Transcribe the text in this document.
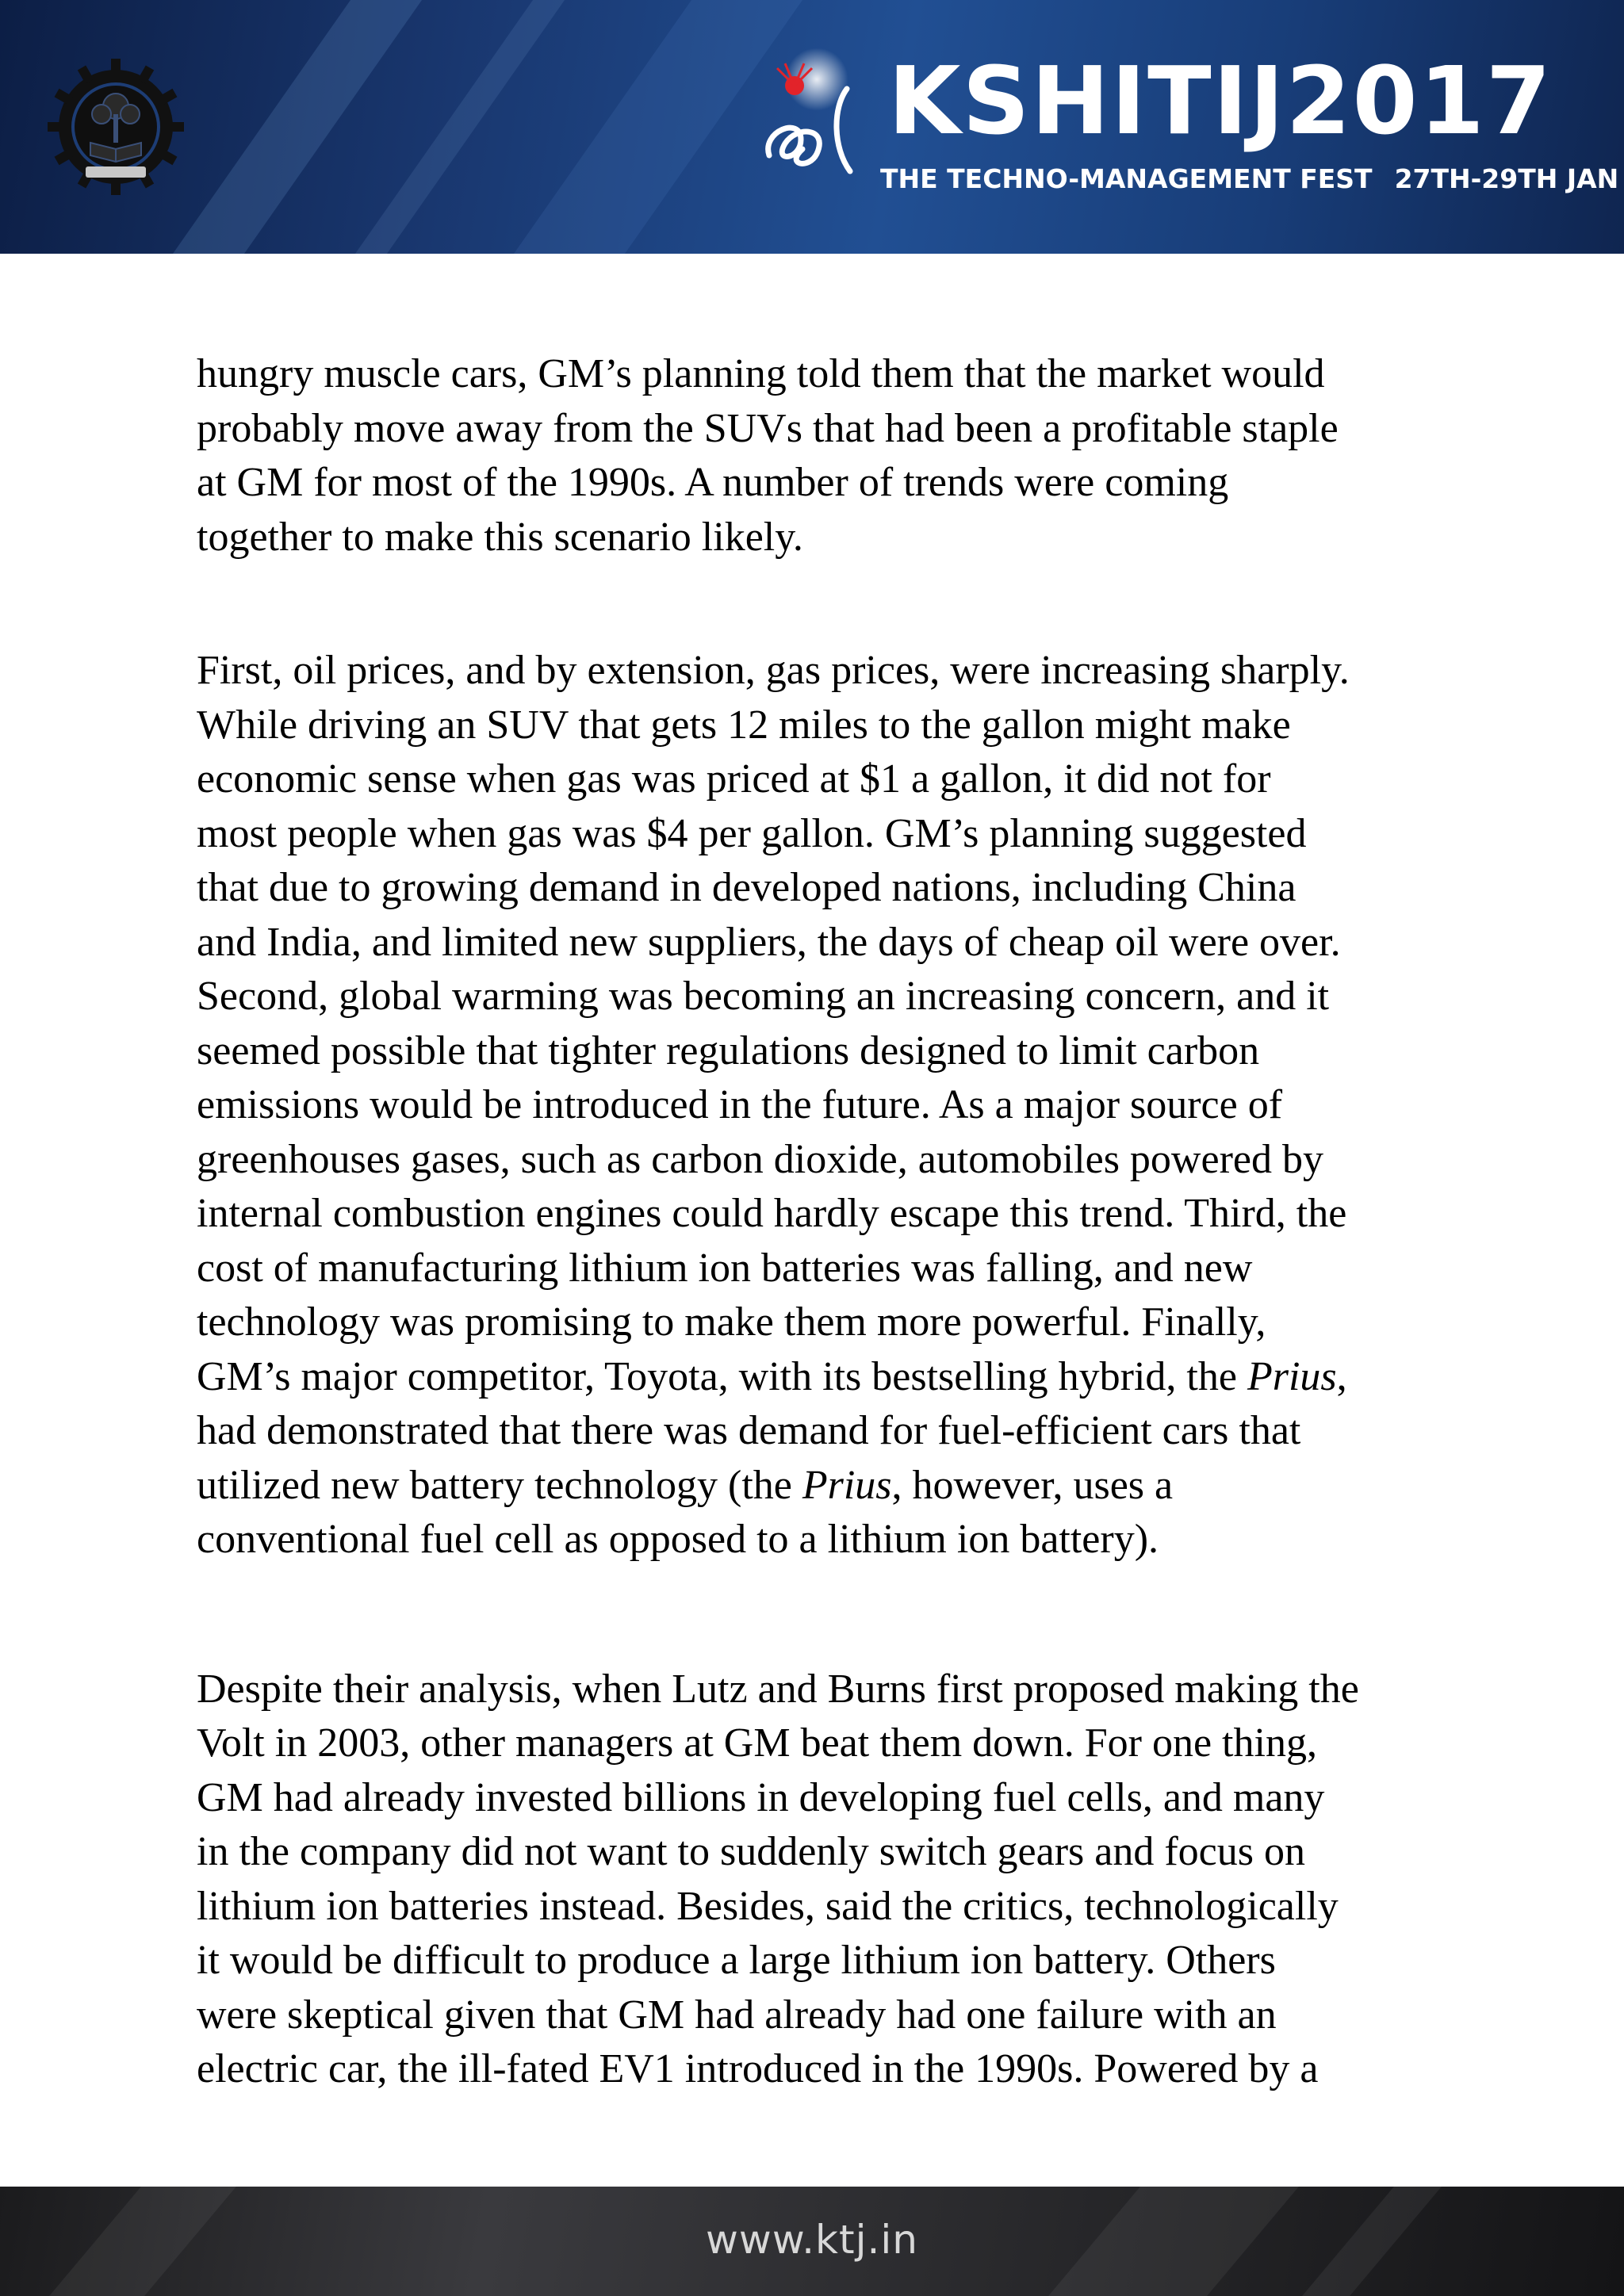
KSHITIJ2017
THE TECHNO-MANAGEMENT FEST 27TH-29TH JAN

hungry muscle cars, GM’s planning told them that the market would
probably move away from the SUVs that had been a profitable staple
at GM for most of the 1990s. A number of trends were coming
together to make this scenario likely.

First, oil prices, and by extension, gas prices, were increasing sharply.
While driving an SUV that gets 12 miles to the gallon might make
economic sense when gas was priced at $1 a gallon, it did not for
most people when gas was $4 per gallon. GM’s planning suggested
that due to growing demand in developed nations, including China
and India, and limited new suppliers, the days of cheap oil were over.
Second, global warming was becoming an increasing concern, and it
seemed possible that tighter regulations designed to limit carbon
emissions would be introduced in the future. As a major source of
greenhouses gases, such as carbon dioxide, automobiles powered by
internal combustion engines could hardly escape this trend. Third, the
cost of manufacturing lithium ion batteries was falling, and new
technology was promising to make them more powerful. Finally,
GM’s major competitor, Toyota, with its bestselling hybrid, the Prius,
had demonstrated that there was demand for fuel-efficient cars that
utilized new battery technology (the Prius, however, uses a
conventional fuel cell as opposed to a lithium ion battery).

Despite their analysis, when Lutz and Burns first proposed making the
Volt in 2003, other managers at GM beat them down. For one thing,
GM had already invested billions in developing fuel cells, and many
in the company did not want to suddenly switch gears and focus on
lithium ion batteries instead. Besides, said the critics, technologically
it would be difficult to produce a large lithium ion battery. Others
were skeptical given that GM had already had one failure with an
electric car, the ill-fated EV1 introduced in the 1990s. Powered by a

www.ktj.in
